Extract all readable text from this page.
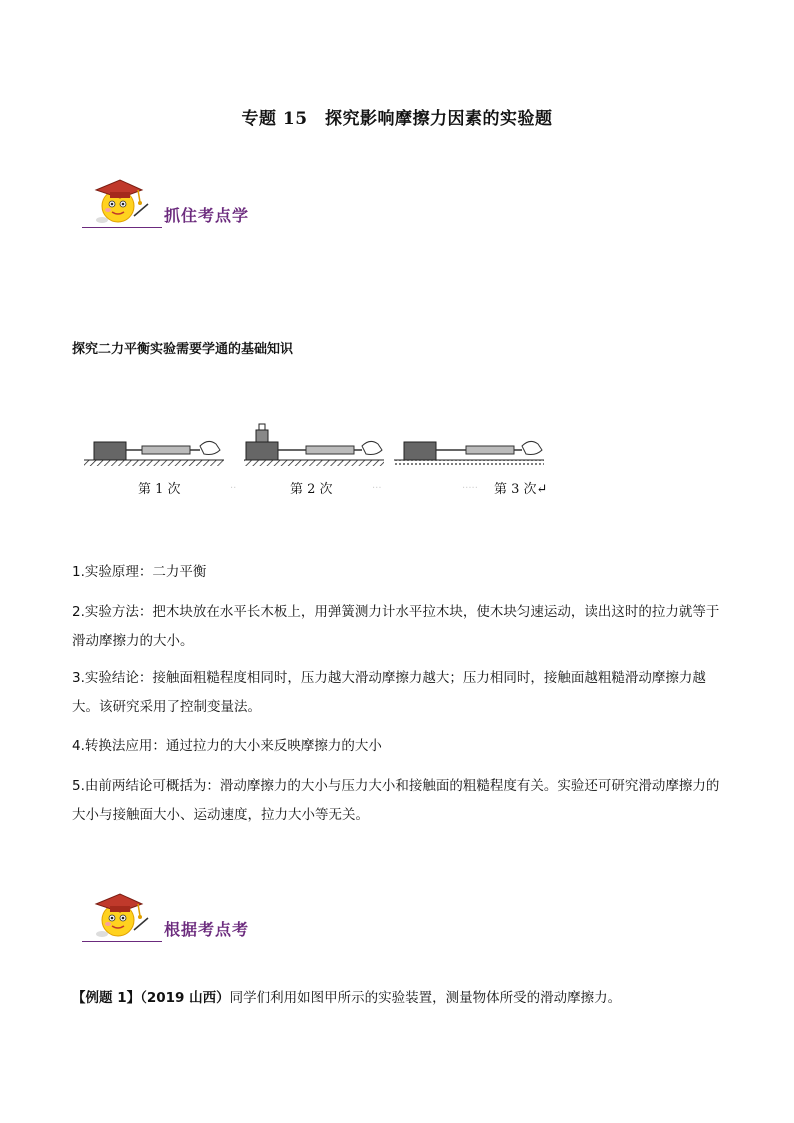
专题 15　探究影响摩擦力因素的实验题
抓住考点学
探究二力平衡实验需要学通的基础知识
第 1 次	第 2 次	第 3 次↵
··	···	·····
1.实验原理：二力平衡
2.实验方法：把木块放在水平长木板上，用弹簧测力计水平拉木块，使木块匀速运动，读出这时的拉力就等于滑动摩擦力的大小。
3.实验结论：接触面粗糙程度相同时，压力越大滑动摩擦力越大；压力相同时，接触面越粗糙滑动摩擦力越大。该研究采用了控制变量法。
4.转换法应用：通过拉力的大小来反映摩擦力的大小
5.由前两结论可概括为：滑动摩擦力的大小与压力大小和接触面的粗糙程度有关。实验还可研究滑动摩擦力的大小与接触面大小、运动速度，拉力大小等无关。
根据考点考
【例题 1】（2019 山西）同学们利用如图甲所示的实验装置，测量物体所受的滑动摩擦力。
